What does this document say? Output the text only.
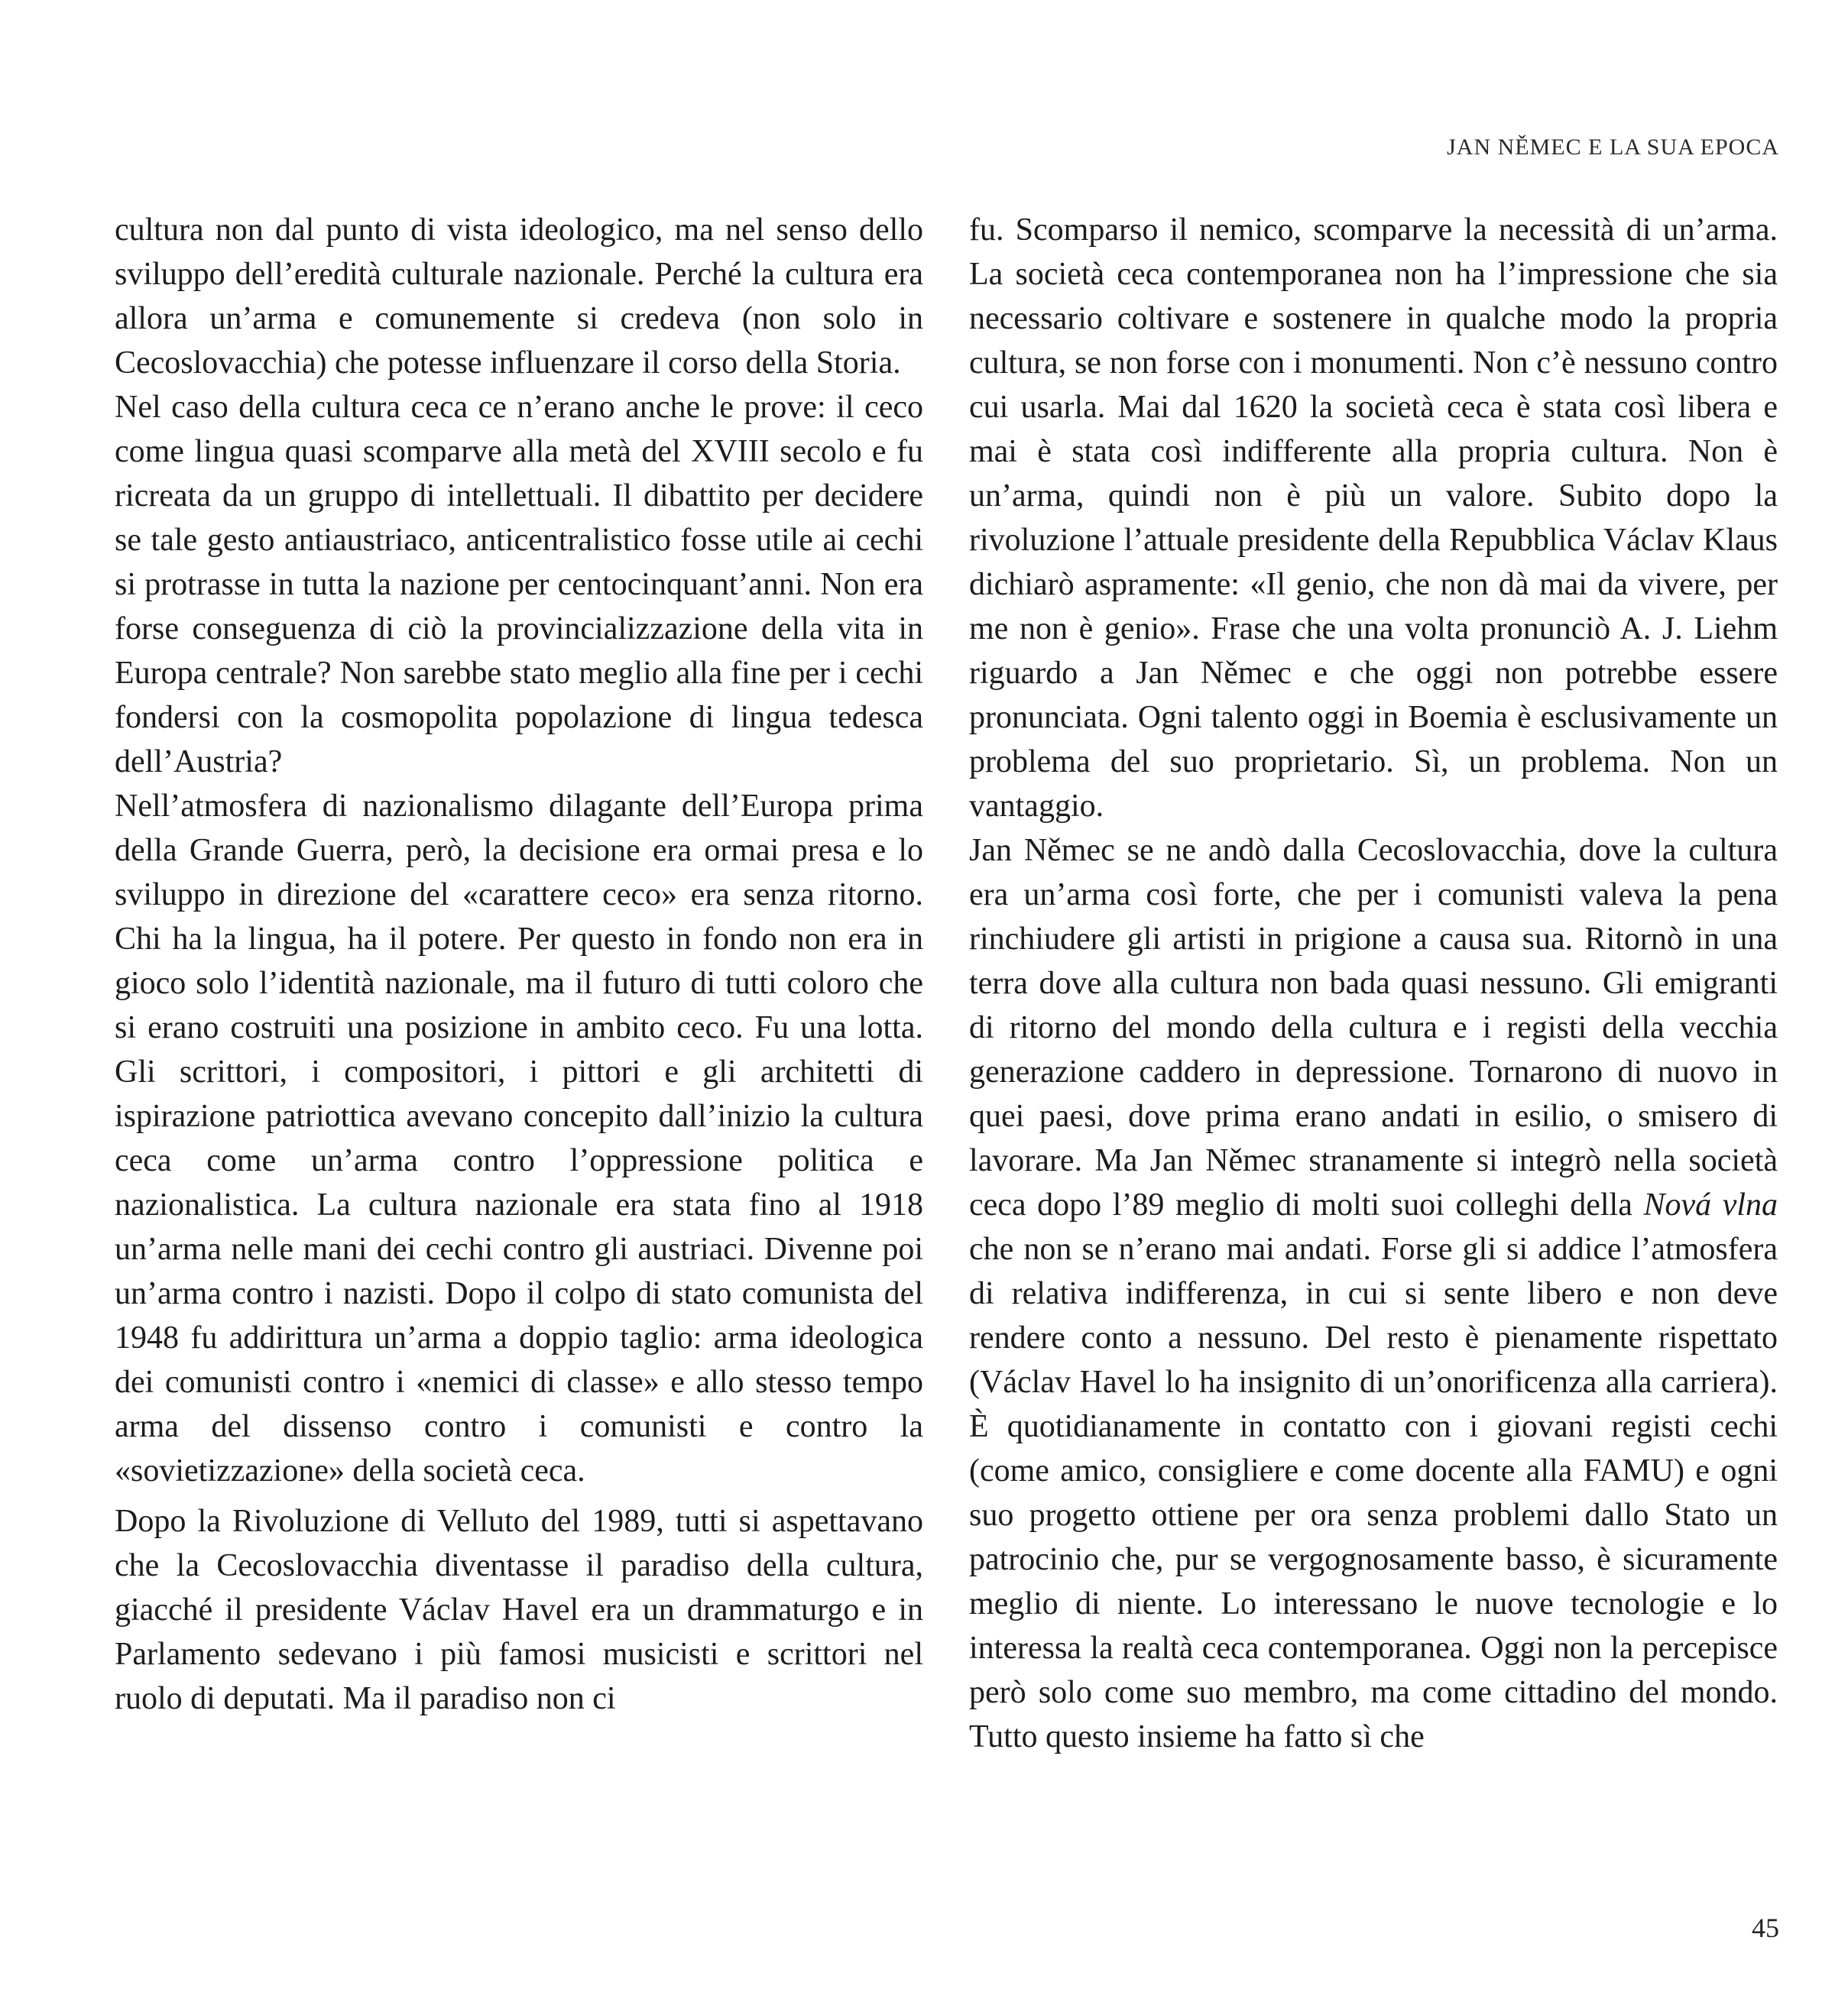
JAN NĚMEC E LA SUA EPOCA

cultura non dal punto di vista ideologico, ma nel senso dello sviluppo dell’eredità culturale nazionale. Perché la cultura era allora un’arma e comunemente si credeva (non solo in Cecoslovacchia) che potesse influenzare il corso della Storia.

Nel caso della cultura ceca ce n’erano anche le prove: il ceco come lingua quasi scomparve alla metà del XVIII secolo e fu ricreata da un gruppo di intellettuali. Il dibattito per decidere se tale gesto antiaustriaco, anticentralistico fosse utile ai cechi si protrasse in tutta la nazione per centocinquant’anni. Non era forse conseguenza di ciò la provincializzazione della vita in Europa centrale? Non sarebbe stato meglio alla fine per i cechi fondersi con la cosmopolita popolazione di lingua tedesca dell’Austria?

Nell’atmosfera di nazionalismo dilagante dell’Europa prima della Grande Guerra, però, la decisione era ormai presa e lo sviluppo in direzione del «carattere ceco» era senza ritorno. Chi ha la lingua, ha il potere. Per questo in fondo non era in gioco solo l’identità nazionale, ma il futuro di tutti coloro che si erano costruiti una posizione in ambito ceco. Fu una lotta. Gli scrittori, i compositori, i pittori e gli architetti di ispirazione patriottica avevano concepito dall’inizio la cultura ceca come un’arma contro l’oppressione politica e nazionalistica. La cultura nazionale era stata fino al 1918 un’arma nelle mani dei cechi contro gli austriaci. Divenne poi un’arma contro i nazisti. Dopo il colpo di stato comunista del 1948 fu addirittura un’arma a doppio taglio: arma ideologica dei comunisti contro i «nemici di classe» e allo stesso tempo arma del dissenso contro i comunisti e contro la «sovietizzazione» della società ceca.

Dopo la Rivoluzione di Velluto del 1989, tutti si aspettavano che la Cecoslovacchia diventasse il paradiso della cultura, giacché il presidente Václav Havel era un drammaturgo e in Parlamento sedevano i più famosi musicisti e scrittori nel ruolo di deputati. Ma il paradiso non ci

fu. Scomparso il nemico, scomparve la necessità di un’arma. La società ceca contemporanea non ha l’impressione che sia necessario coltivare e sostenere in qualche modo la propria cultura, se non forse con i monumenti. Non c’è nessuno contro cui usarla. Mai dal 1620 la società ceca è stata così libera e mai è stata così indifferente alla propria cultura. Non è un’arma, quindi non è più un valore. Subito dopo la rivoluzione l’attuale presidente della Repubblica Václav Klaus dichiarò aspramente: «Il genio, che non dà mai da vivere, per me non è genio». Frase che una volta pronunciò A. J. Liehm riguardo a Jan Němec e che oggi non potrebbe essere pronunciata. Ogni talento oggi in Boemia è esclusivamente un problema del suo proprietario. Sì, un problema. Non un vantaggio.

Jan Němec se ne andò dalla Cecoslovacchia, dove la cultura era un’arma così forte, che per i comunisti valeva la pena rinchiudere gli artisti in prigione a causa sua. Ritornò in una terra dove alla cultura non bada quasi nessuno. Gli emigranti di ritorno del mondo della cultura e i registi della vecchia generazione caddero in depressione. Tornarono di nuovo in quei paesi, dove prima erano andati in esilio, o smisero di lavorare. Ma Jan Němec stranamente si integrò nella società ceca dopo l’89 meglio di molti suoi colleghi della Nová vlna che non se n’erano mai andati. Forse gli si addice l’atmosfera di relativa indifferenza, in cui si sente libero e non deve rendere conto a nessuno. Del resto è pienamente rispettato (Václav Havel lo ha insignito di un’onorificenza alla carriera). È quotidianamente in contatto con i giovani registi cechi (come amico, consigliere e come docente alla FAMU) e ogni suo progetto ottiene per ora senza problemi dallo Stato un patrocinio che, pur se vergognosamente basso, è sicuramente meglio di niente. Lo interessano le nuove tecnologie e lo interessa la realtà ceca contemporanea. Oggi non la percepisce però solo come suo membro, ma come cittadino del mondo. Tutto questo insieme ha fatto sì che

45
